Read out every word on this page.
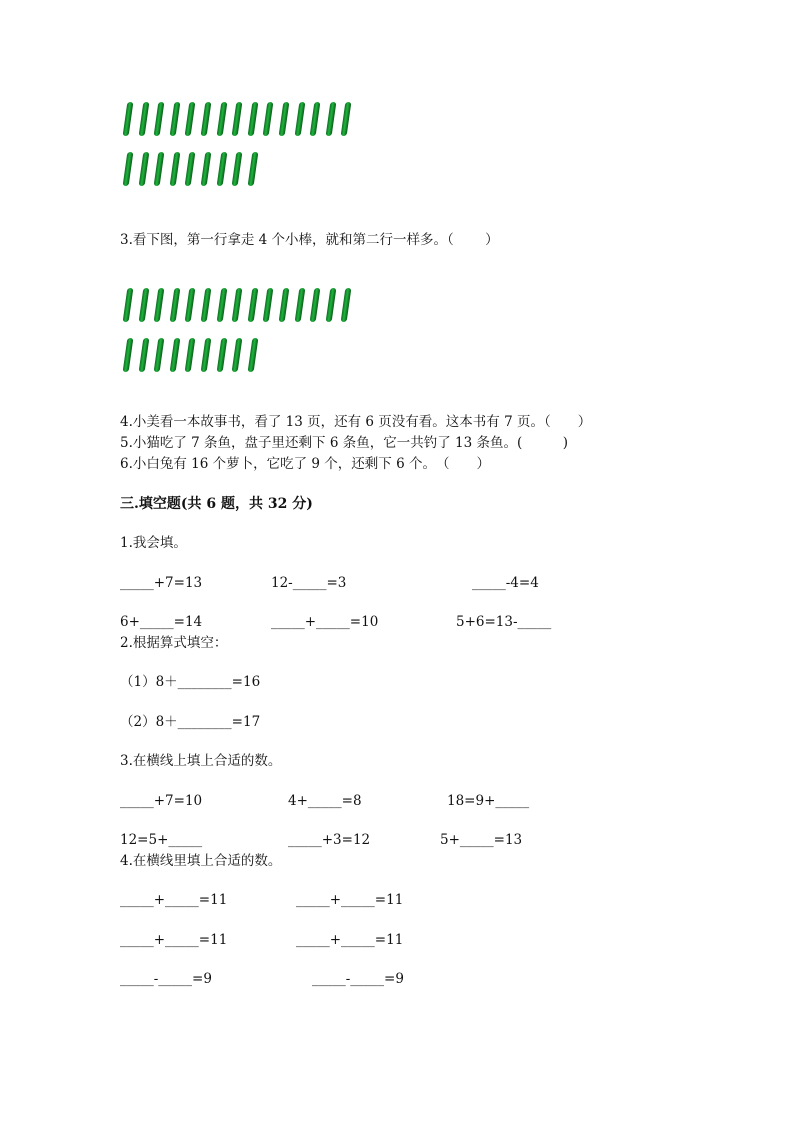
3.看下图，第一行拿走 4 个小棒，就和第二行一样多。（　　 ）
4.小美看一本故事书，看了 13 页，还有 6 页没有看。这本书有 7 页。（　　）
5.小猫吃了 7 条鱼，盘子里还剩下 6 条鱼，它一共钓了 13 条鱼。(　　　)
6.小白兔有 16 个萝卜，它吃了 9 个，还剩下 6 个。　（　　）
三.填空题(共 6 题，共 32 分)
1.我会填。
_____+7=13	12-_____=3	_____-4=4
6+_____=14	_____+_____=10	5+6=13-_____
2.根据算式填空：
（1）8＋________=16
（2）8＋________=17
3.在横线上填上合适的数。
_____+7=10	4+_____=8	18=9+_____
12=5+_____	_____+3=12	5+_____=13
4.在横线里填上合适的数。
_____+_____=11	_____+_____=11
_____+_____=11	_____+_____=11
_____-_____=9	_____-_____=9
